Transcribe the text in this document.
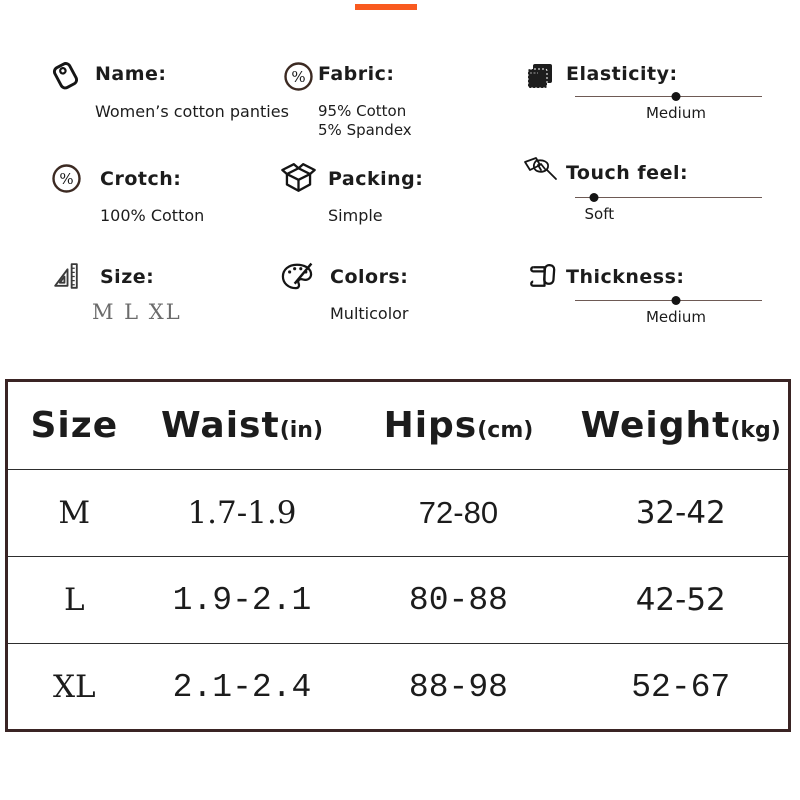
Name:
Women’s cotton panties
% Fabric:
95% Cotton
5% Spandex
Elasticity:
Medium
% Crotch:
100% Cotton
Packing:
Simple
Touch feel:
Soft
Size:
M L XL
Colors:
Multicolor
Thickness:
Medium
Size	Waist(in)	Hips(cm)	Weight(kg)
M	1.7-1.9	72-80	32-42
L	1.9-2.1	80-88	42-52
XL	2.1-2.4	88-98	52-67
